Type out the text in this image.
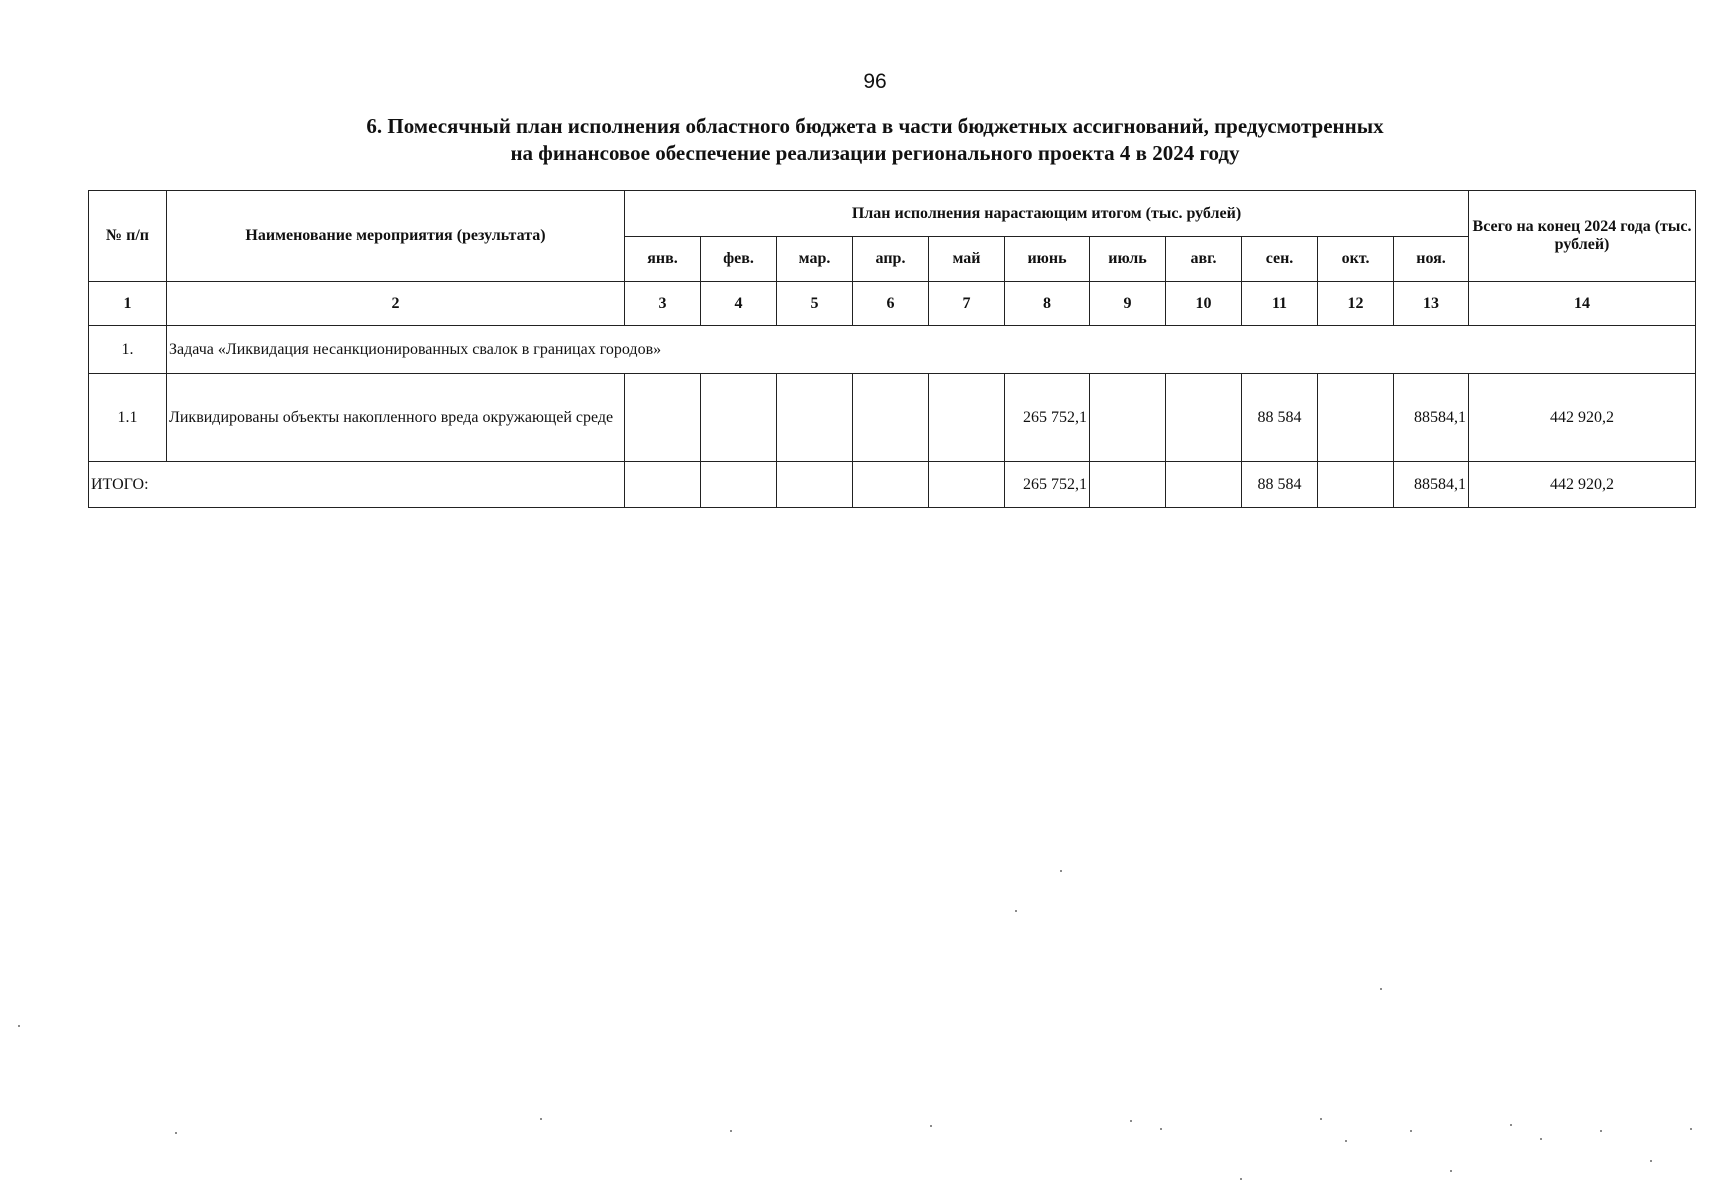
96
6. Помесячный план исполнения областного бюджета в части бюджетных ассигнований, предусмотренных
на финансовое обеспечение реализации регионального проекта 4 в 2024 году
№ п/п	Наименование мероприятия (результата)	План исполнения нарастающим итогом (тыс. рублей)											Всего на конец 2024 года (тыс. рублей)
		янв.	фев.	мар.	апр.	май	июнь	июль	авг.	сен.	окт.	ноя.	
1	2	3	4	5	6	7	8	9	10	11	12	13	14
1.	Задача «Ликвидация несанкционированных свалок в границах городов»												
1.1	Ликвидированы объекты накопленного вреда окружающей среде						265 752,1			88 584		88584,1	442 920,2
ИТОГО:							265 752,1			88 584		88584,1	442 920,2
